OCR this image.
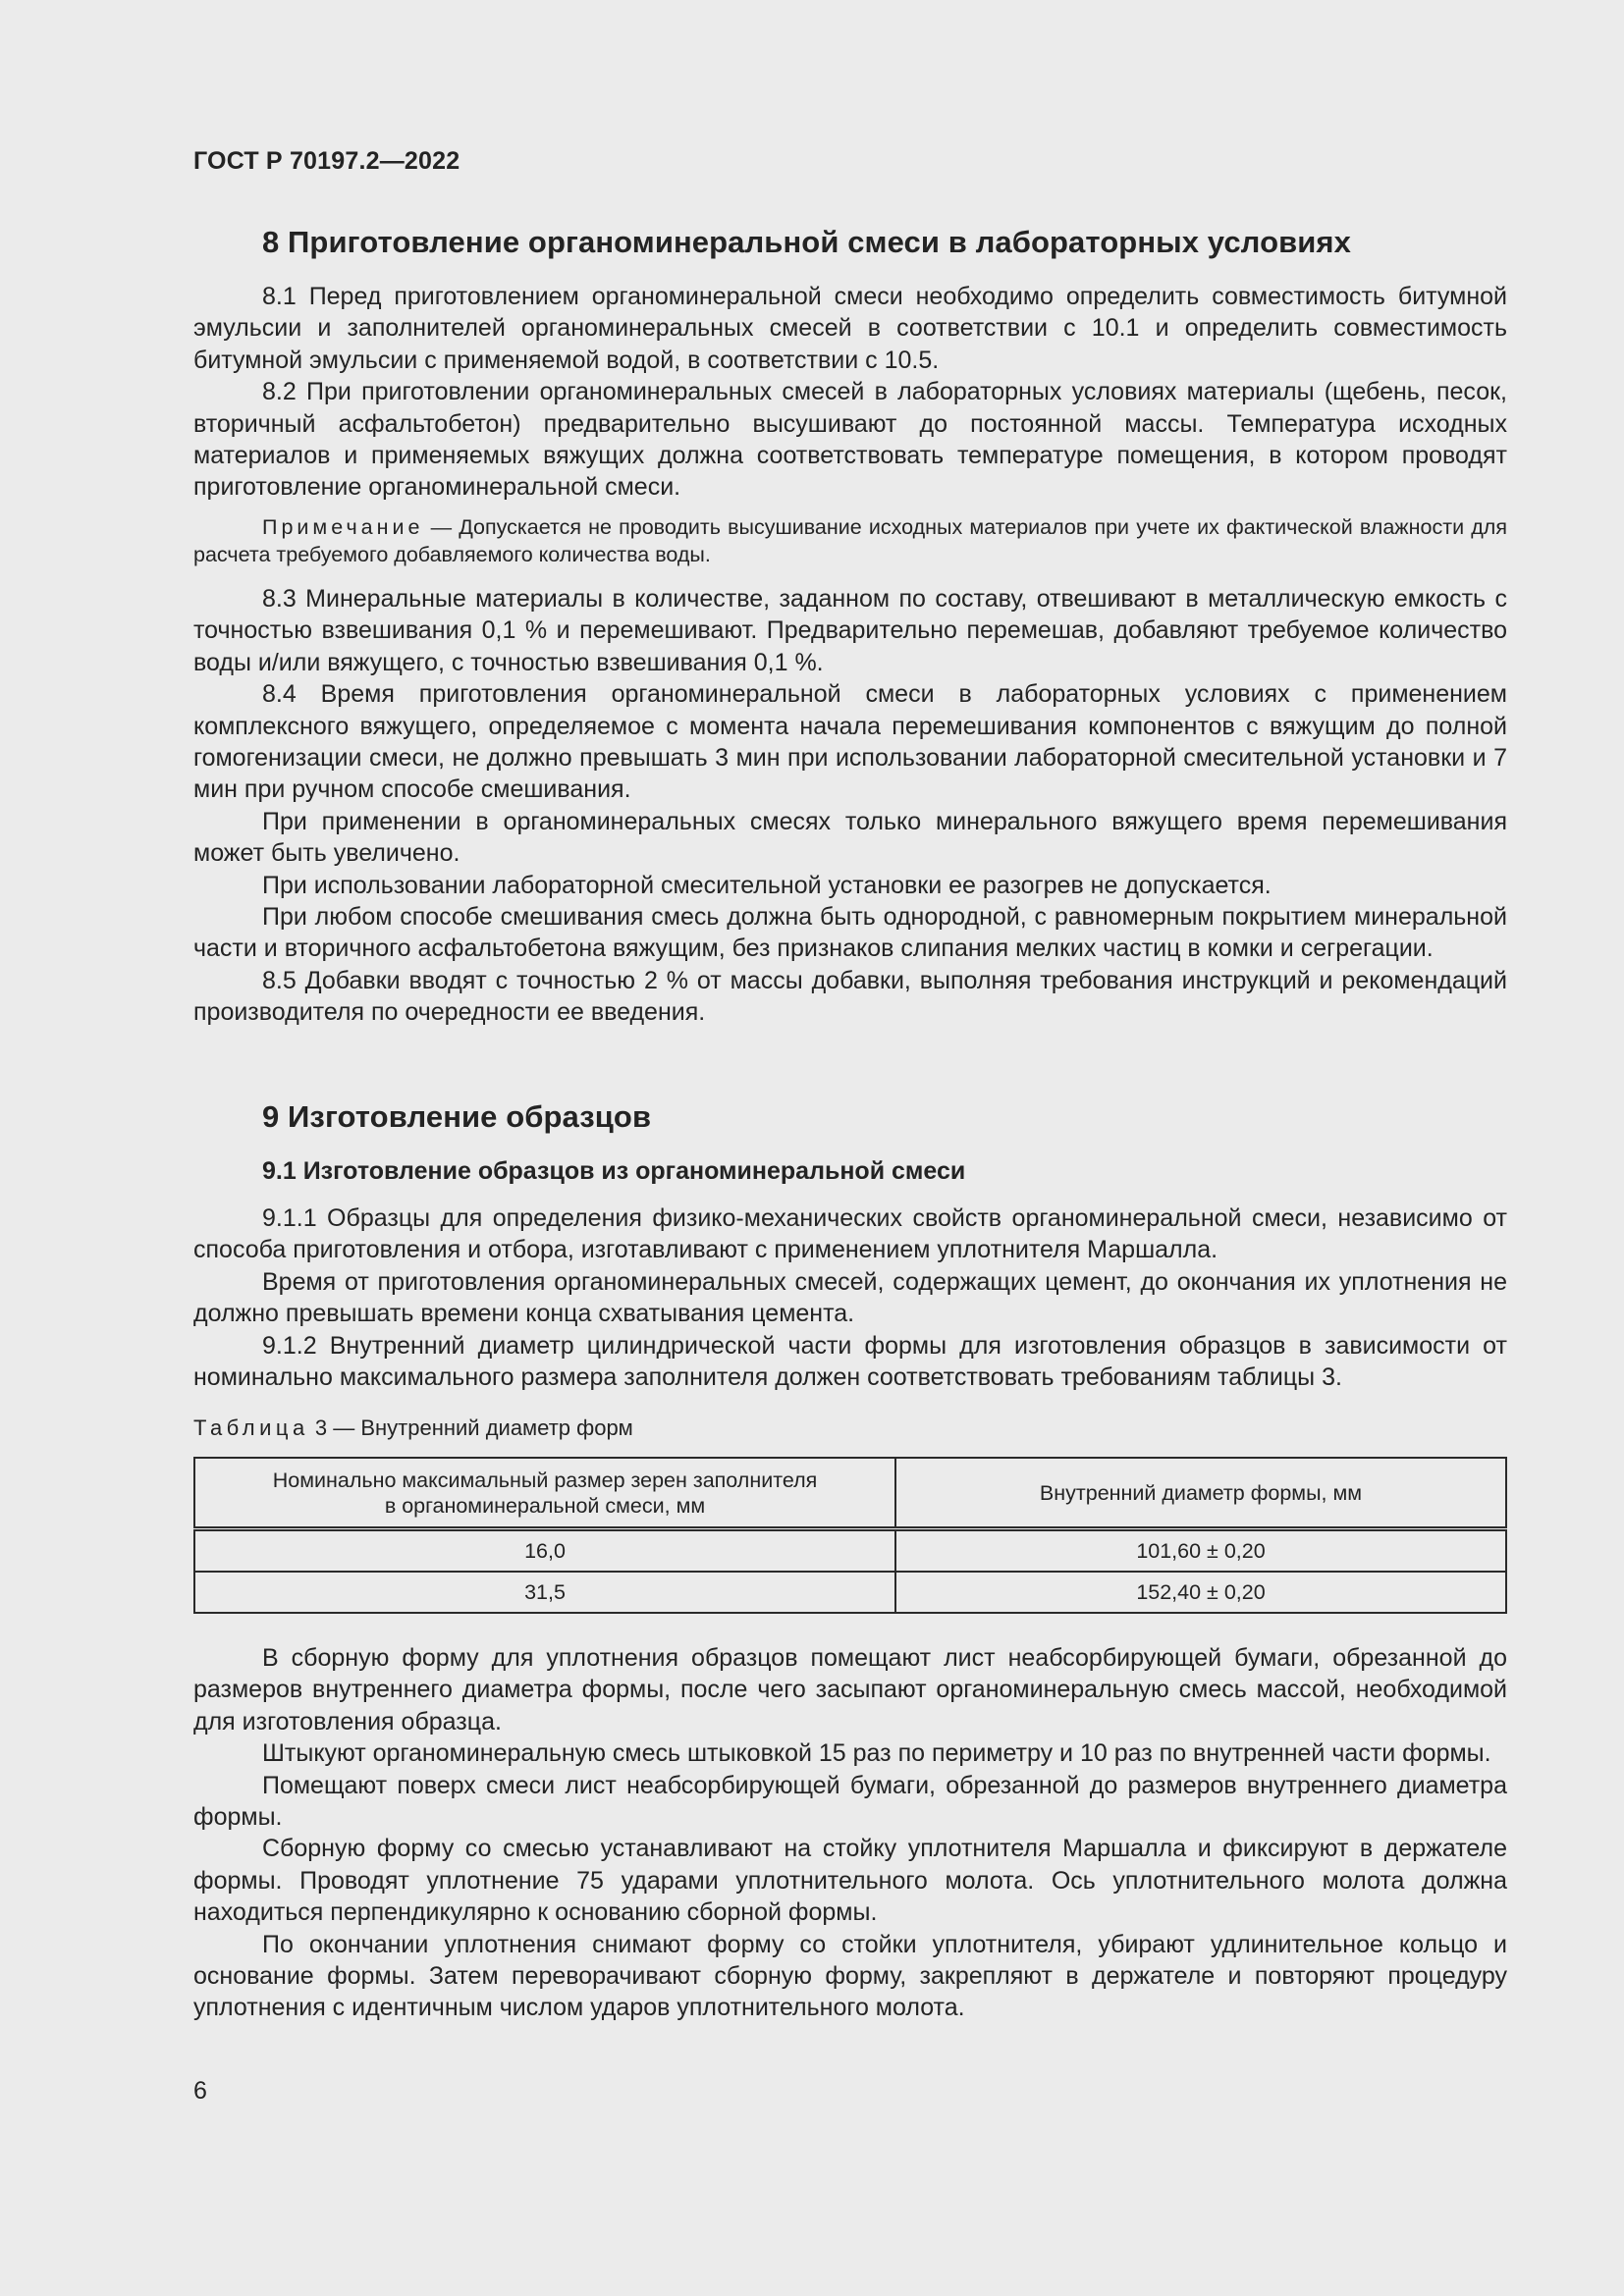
ГОСТ Р 70197.2—2022
8 Приготовление органоминеральной смеси в лабораторных условиях

8.1 Перед приготовлением органоминеральной смеси необходимо определить совместимость битумной эмульсии и заполнителей органоминеральных смесей в соответствии с 10.1 и определить совместимость битумной эмульсии с применяемой водой, в соответствии с 10.5.

8.2 При приготовлении органоминеральных смесей в лабораторных условиях материалы (щебень, песок, вторичный асфальтобетон) предварительно высушивают до постоянной массы. Температура исходных материалов и применяемых вяжущих должна соответствовать температуре помещения, в котором проводят приготовление органоминеральной смеси.

Примечание — Допускается не проводить высушивание исходных материалов при учете их фактической влажности для расчета требуемого добавляемого количества воды.

8.3 Минеральные материалы в количестве, заданном по составу, отвешивают в металлическую емкость с точностью взвешивания 0,1 % и перемешивают. Предварительно перемешав, добавляют требуемое количество воды и/или вяжущего, с точностью взвешивания 0,1 %.

8.4 Время приготовления органоминеральной смеси в лабораторных условиях с применением комплексного вяжущего, определяемое с момента начала перемешивания компонентов с вяжущим до полной гомогенизации смеси, не должно превышать 3 мин при использовании лабораторной смесительной установки и 7 мин при ручном способе смешивания.

При применении в органоминеральных смесях только минерального вяжущего время перемешивания может быть увеличено.

При использовании лабораторной смесительной установки ее разогрев не допускается.

При любом способе смешивания смесь должна быть однородной, с равномерным покрытием минеральной части и вторичного асфальтобетона вяжущим, без признаков слипания мелких частиц в комки и сегрегации.

8.5 Добавки вводят с точностью 2 % от массы добавки, выполняя требования инструкций и рекомендаций производителя по очередности ее введения.

9 Изготовление образцов
9.1 Изготовление образцов из органоминеральной смеси

9.1.1 Образцы для определения физико-механических свойств органоминеральной смеси, независимо от способа приготовления и отбора, изготавливают с применением уплотнителя Маршалла.

Время от приготовления органоминеральных смесей, содержащих цемент, до окончания их уплотнения не должно превышать времени конца схватывания цемента.

9.1.2 Внутренний диаметр цилиндрической части формы для изготовления образцов в зависимости от номинально максимального размера заполнителя должен соответствовать требованиям таблицы 3.

Таблица 3 — Внутренний диаметр форм
Номинально максимальный размер зерен заполнителя
в органоминеральной смеси, мм	Внутренний диаметр формы, мм
16,0	101,60 ± 0,20
31,5	152,40 ± 0,20

В сборную форму для уплотнения образцов помещают лист неабсорбирующей бумаги, обрезанной до размеров внутреннего диаметра формы, после чего засыпают органоминеральную смесь массой, необходимой для изготовления образца.

Штыкуют органоминеральную смесь штыковкой 15 раз по периметру и 10 раз по внутренней части формы.

Помещают поверх смеси лист неабсорбирующей бумаги, обрезанной до размеров внутреннего диаметра формы.

Сборную форму со смесью устанавливают на стойку уплотнителя Маршалла и фиксируют в держателе формы. Проводят уплотнение 75 ударами уплотнительного молота. Ось уплотнительного молота должна находиться перпендикулярно к основанию сборной формы.

По окончании уплотнения снимают форму со стойки уплотнителя, убирают удлинительное кольцо и основание формы. Затем переворачивают сборную форму, закрепляют в держателе и повторяют процедуру уплотнения с идентичным числом ударов уплотнительного молота.

6
